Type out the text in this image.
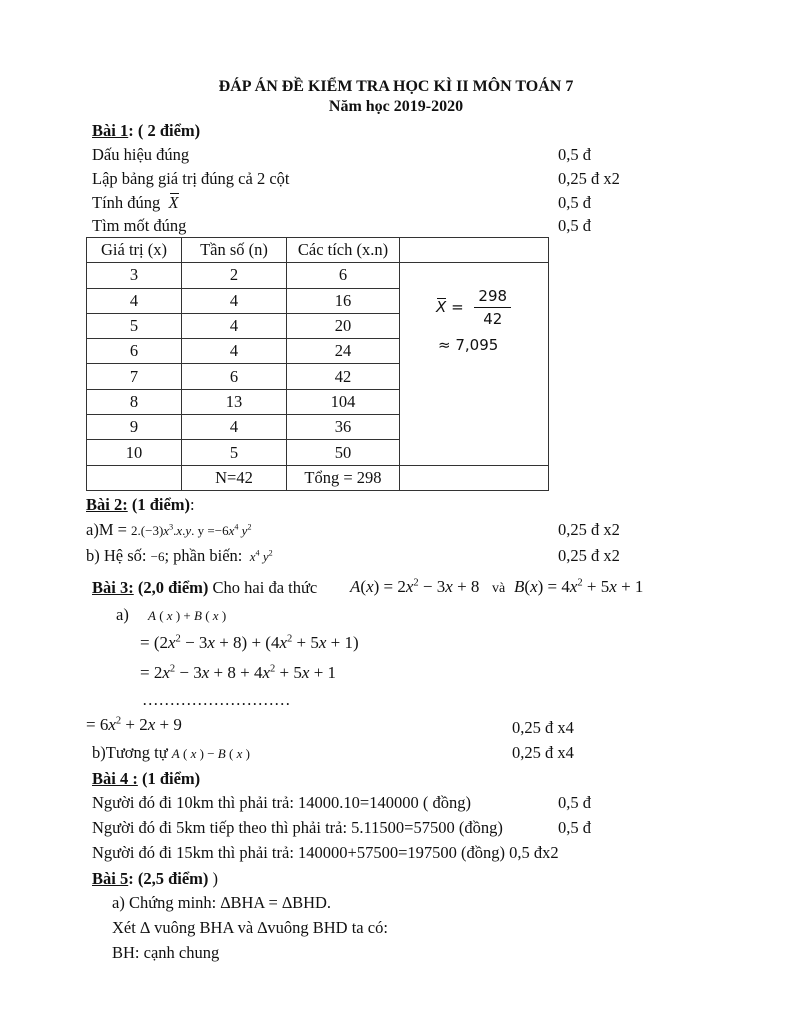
ĐÁP ÁN ĐỀ KIỂM TRA HỌC KÌ II MÔN TOÁN 7
Năm học 2019-2020
Bài 1: ( 2 điểm)
Dấu hiệu đúng	0,5 đ
Lập bảng giá trị đúng cả 2 cột	0,25 đ x2
Tính đúng X	0,5 đ
Tìm mốt đúng	0,5 đ
Giá trị (x)	Tần số (n)	Các tích (x.n)	
3	2	6	$X = \frac{298}{42}$
≈ 7,095

4	4	16	
5	4	20	
6	4	24	
7	6	42	
8	13	104	
9	4	36	
10	5	50	
	N=42	Tổng = 298	
Bài 2: (1 điểm):
$a)M = 2.(-3)x^3.x.y$. $y =-6x^4$ $y^2$	0,25 đ x2
b) Hệ số: −6; phần biến:  $x^4$ $y^2$	0,25 đ x2
Bài 3: (2,0 điểm) Cho hai đa thức $A(x) = 2x^2 - 3x + 8$ và $B(x) = 4x^2 + 5x + 1$
a) A ( x ) + B ( x )
= $(2x^2 - 3x + 8) + (4x^2 + 5x + 1)$
= $2x^2 - 3x + 8 + 4x^2 + 5x + 1$
………………………
= $6x^2 + 2x + 9$	0,25 đ x4
b)Tương tự A ( x ) − B ( x )	0,25 đ x4
Bài 4 : (1 điểm)
Người đó đi 10km thì phải trả: 14000.10=140000 ( đồng)	0,5 đ
Người đó đi 5km tiếp theo thì phải trả: 5.11500=57500 (đồng)	0,5 đ
Người đó đi 15km thì phải trả: 140000+57500=197500 (đồng) 0,5 đx2
Bài 5: (2,5 điểm) )
a) Chứng minh: ∆BHA = ∆BHD.
Xét ∆ vuông BHA và ∆vuông BHD ta có:
BH: cạnh chung
